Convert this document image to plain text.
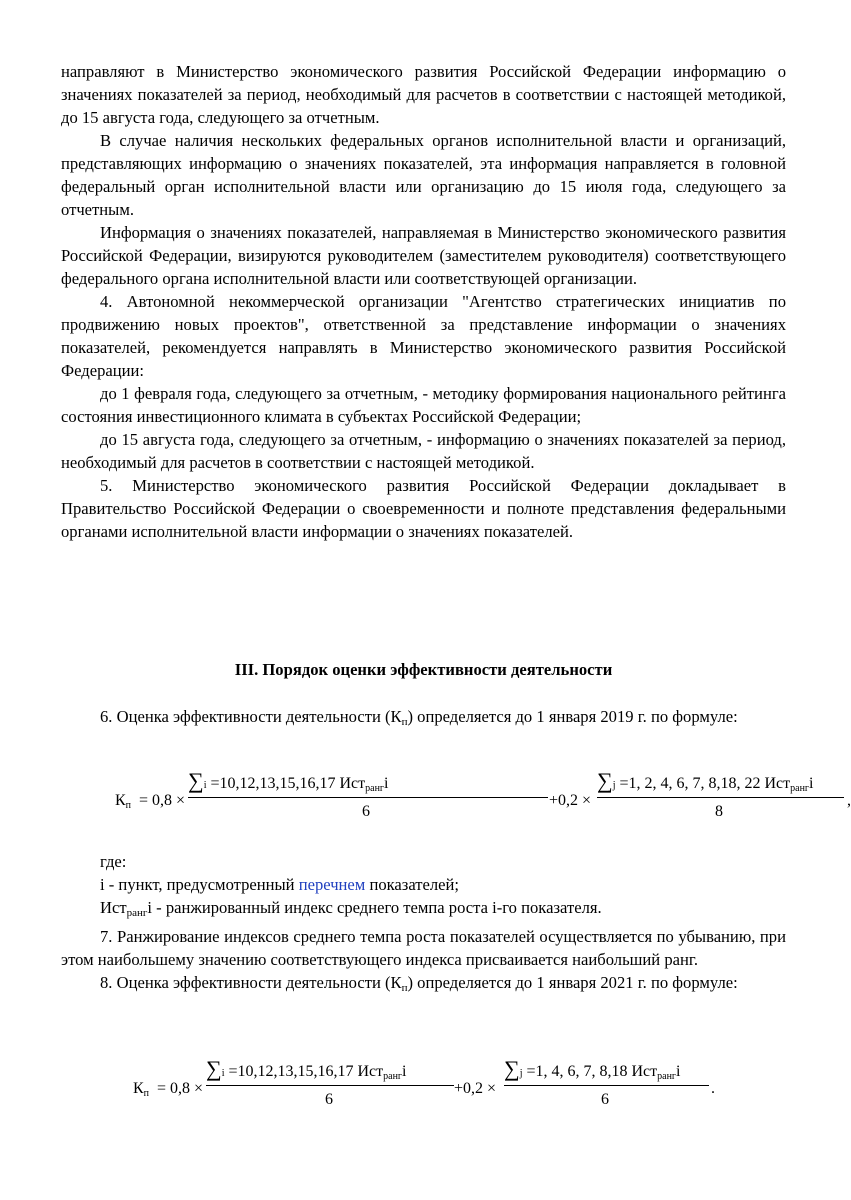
направляют в Министерство экономического развития Российской Федерации информацию о значениях показателей за период, необходимый для расчетов в соответствии с настоящей методикой, до 15 августа года, следующего за отчетным.

В случае наличия нескольких федеральных органов исполнительной власти и организаций, представляющих информацию о значениях показателей, эта информация направляется в головной федеральный орган исполнительной власти или организацию до 15 июля года, следующего за отчетным.

Информация о значениях показателей, направляемая в Министерство экономического развития Российской Федерации, визируются руководителем (заместителем руководителя) соответствующего федерального органа исполнительной власти или соответствующей организации.

4. Автономной некоммерческой организации "Агентство стратегических инициатив по продвижению новых проектов", ответственной за представление информации о значениях показателей, рекомендуется направлять в Министерство экономического развития Российской Федерации:

до 1 февраля года, следующего за отчетным, - методику формирования национального рейтинга состояния инвестиционного климата в субъектах Российской Федерации;

до 15 августа года, следующего за отчетным, - информацию о значениях показателей за период, необходимый для расчетов в соответствии с настоящей методикой.

5. Министерство экономического развития Российской Федерации докладывает в Правительство Российской Федерации о своевременности и полноте представления федеральными органами исполнительной власти информации о значениях показателей.

III. Порядок оценки эффективности деятельности

6. Оценка эффективности деятельности $(К_п)$ определяется до 1 января 2019 г. по формуле:

$К_п = 0,8$ ×
∑i =10,12,13,15,16,17 Ист$_{ранг}$i
6
+0,2 ×
∑j =1, 2, 4, 6, 7, 8,18, 22 Ист$_{ранг}$i
8
,

где:

i - пункт, предусмотренный перечнем показателей;

Ист$_{ранг}$i - ранжированный индекс среднего темпа роста i-го показателя.

7. Ранжирование индексов среднего темпа роста показателей осуществляется по убыванию, при этом наибольшему значению соответствующего индекса присваивается наибольший ранг.

8. Оценка эффективности деятельности $(К_п)$ определяется до 1 января 2021 г. по формуле:

$К_п = 0,8$ ×
∑i =10,12,13,15,16,17 Ист$_{ранг}$i
6
+0,2 ×
∑j =1, 4, 6, 7, 8,18 Ист$_{ранг}$i
6
.
